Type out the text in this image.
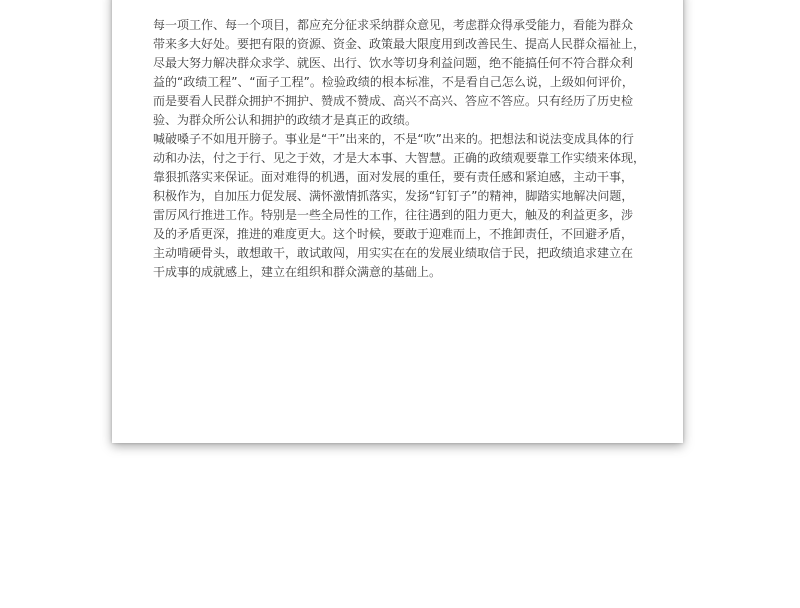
每一项工作、每一个项目，都应充分征求采纳群众意见，考虑群众得承受能力，看能为群众
带来多大好处。要把有限的资源、资金、政策最大限度用到改善民生、提高人民群众福祉上，
尽最大努力解决群众求学、就医、出行、饮水等切身利益问题，绝不能搞任何不符合群众利
益的“政绩工程”、“面子工程”。检验政绩的根本标准，不是看自己怎么说，上级如何评价，
而是要看人民群众拥护不拥护、赞成不赞成、高兴不高兴、答应不答应。只有经历了历史检
验、为群众所公认和拥护的政绩才是真正的政绩。
喊破嗓子不如甩开膀子。事业是“干”出来的，不是“吹”出来的。把想法和说法变成具体的行
动和办法，付之于行、见之于效，才是大本事、大智慧。正确的政绩观要靠工作实绩来体现，
靠狠抓落实来保证。面对难得的机遇，面对发展的重任，要有责任感和紧迫感，主动干事，
积极作为，自加压力促发展、满怀激情抓落实，发扬“钉钉子”的精神，脚踏实地解决问题，
雷厉风行推进工作。特别是一些全局性的工作，往往遇到的阻力更大，触及的利益更多，涉
及的矛盾更深，推进的难度更大。这个时候，要敢于迎难而上，不推卸责任，不回避矛盾，
主动啃硬骨头，敢想敢干，敢试敢闯，用实实在在的发展业绩取信于民，把政绩追求建立在
干成事的成就感上，建立在组织和群众满意的基础上。
